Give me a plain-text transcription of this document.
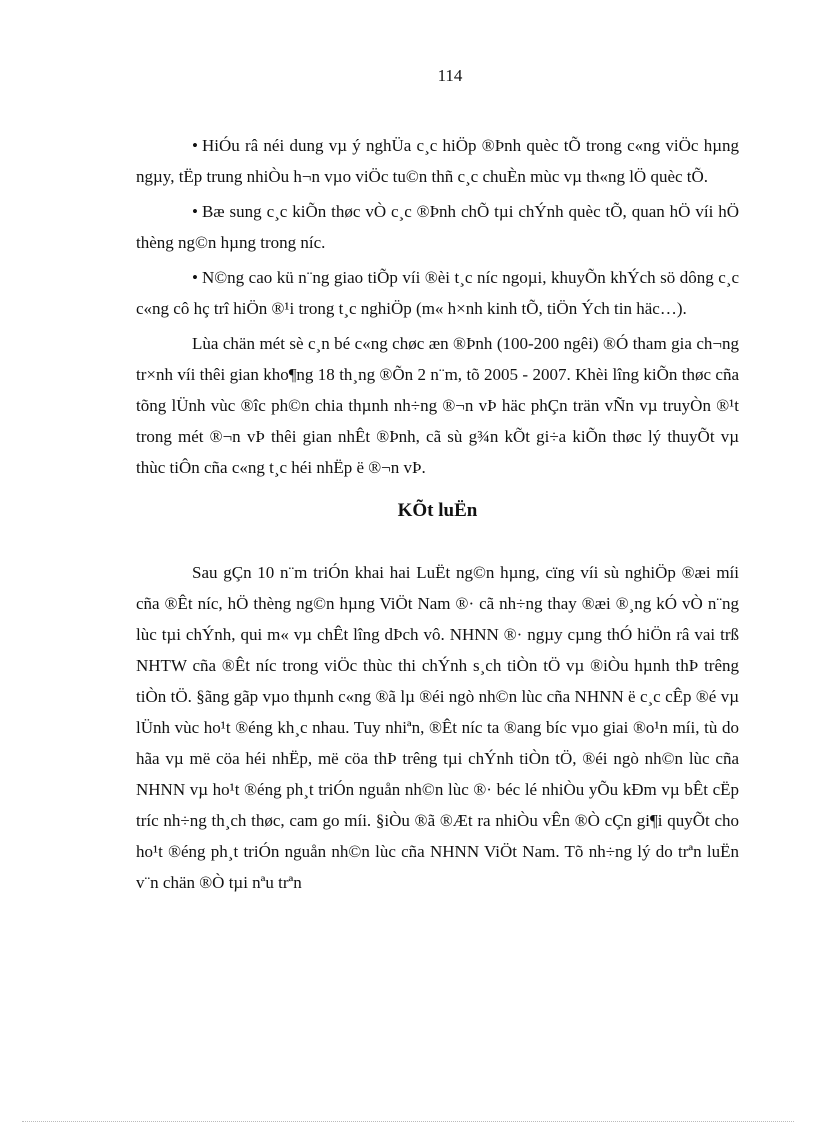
114

• HiÓu râ néi dung vµ ý nghÜa c¸c hiÖp ®Þnh quèc tÕ trong c«ng viÖc hµng ngµy, tËp trung nhiÒu h¬n vµo viÖc tu©n thñ c¸c chuÈn mùc vµ th«ng lÖ quèc tÕ.

• Bæ sung c¸c kiÕn thøc vÒ c¸c ®Þnh chÕ tµi chÝnh quèc tÕ, quan hÖ víi hÖ thèng ng©n hµng trong níc.

• N©ng cao kü n¨ng giao tiÕp víi ®èi t¸c níc ngoµi, khuyÕn khÝch sö dông c¸c c«ng cô hç trî hiÖn ®¹i trong t¸c nghiÖp (m« h×nh kinh tÕ, tiÖn Ých tin häc…).

Lùa chän mét sè c¸n bé c«ng chøc æn ®Þnh (100-200 ngêi) ®Ó tham gia ch¬ng tr×nh víi thêi gian kho¶ng 18 th¸ng ®Õn 2 n¨m, tõ 2005 - 2007. Khèi lîng kiÕn thøc cña tõng lÜnh vùc ®îc ph©n chia thµnh nh÷ng ®¬n vÞ häc phÇn trän vÑn vµ truyÒn ®¹t trong mét ®¬n vÞ thêi gian nhÊt ®Þnh, cã sù g¾n kÕt gi÷a kiÕn thøc lý thuyÕt vµ thùc tiÔn cña c«ng t¸c héi nhËp ë ®¬n vÞ.

KÕt luËn

Sau gÇn 10 n¨m triÓn khai hai LuËt ng©n hµng, cïng víi sù nghiÖp ®æi míi cña ®Êt níc, hÖ thèng ng©n hµng ViÖt Nam ®· cã nh÷ng thay ®æi ®¸ng kÓ vÒ n¨ng lùc tµi chÝnh, qui m« vµ chÊt lîng dÞch vô. NHNN ®· ngµy cµng thÓ hiÖn râ vai trß NHTW cña ®Êt níc trong viÖc thùc thi chÝnh s¸ch tiÒn tÖ vµ ®iÒu hµnh thÞ trêng tiÒn tÖ. §ãng gãp vµo thµnh c«ng ®ã lµ ®éi ngò nh©n lùc cña NHNN ë c¸c cÊp ®é vµ lÜnh vùc ho¹t ®éng kh¸c nhau. Tuy nhiªn, ®Êt níc ta ®ang bíc vµo giai ®o¹n míi, tù do hãa vµ më cöa héi nhËp, më cöa thÞ trêng tµi chÝnh tiÒn tÖ, ®éi ngò nh©n lùc cña NHNN vµ ho¹t ®éng ph¸t triÓn nguån nh©n lùc ®· béc lé nhiÒu yÕu kÐm vµ bÊt cËp tríc nh÷ng th¸ch thøc, cam go míi. §iÒu ®ã ®Æt ra nhiÒu vÊn ®Ò cÇn gi¶i quyÕt cho ho¹t ®éng ph¸t triÓn nguån nh©n lùc cña NHNN ViÖt Nam. Tõ nh÷ng lý do trªn luËn v¨n chän ®Ò tµi nªu trªn
